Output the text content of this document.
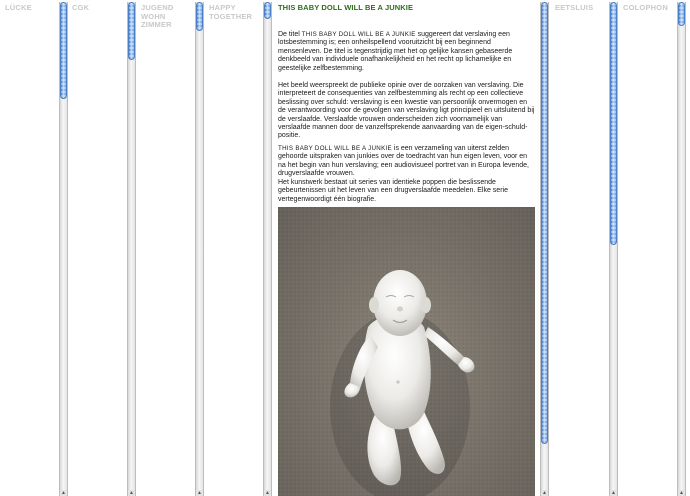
LÜCKE	CGK	JUGEND
WOHN
ZIMMER
HAPPY
TOGETHER
EETSLUIS	COLOPHON
▲	▲	▲	▲	▲	▲	▲
THIS BABY DOLL WILL BE A JUNKIE
De titel THIS BABY DOLL WILL BE A JUNKIE suggereert dat verslaving een lotsbestemming is; een onheilspellend vooruitzicht bij een beginnend mensenleven. De titel is tegenstrijdig met het op gelijke kansen gebaseerde denkbeeld van individuele onafhankelijkheid en het recht op lichamelijke en geestelijke zelfbestemming.
Het beeld weerspreekt de publieke opinie over de oorzaken van verslaving. Die interpreteert de consequenties van zelfbestemming als recht op een collectieve beslissing over schuld: verslaving is een kwestie van persoonlijk onvermogen en de verantwoording voor de gevolgen van verslaving ligt principieel en uitsluitend bij de verslaafde. Verslaafde vrouwen onderscheiden zich voornamelijk van verslaafde mannen door de vanzelfsprekende aanvaarding van de eigen-schuld-positie.
THIS BABY DOLL WILL BE A JUNKIE is een verzameling van uiterst zelden gehoorde uitspraken van junkies over de toedracht van hun eigen leven, voor en na het begin van hun verslaving; een audiovisueel portret van in Europa levende, drugverslaafde vrouwen.
Het kunstwerk bestaat uit series van identieke poppen die beslissende gebeurtenissen uit het leven van een drugverslaafde meedelen. Elke serie vertegenwoordigt één biografie.
